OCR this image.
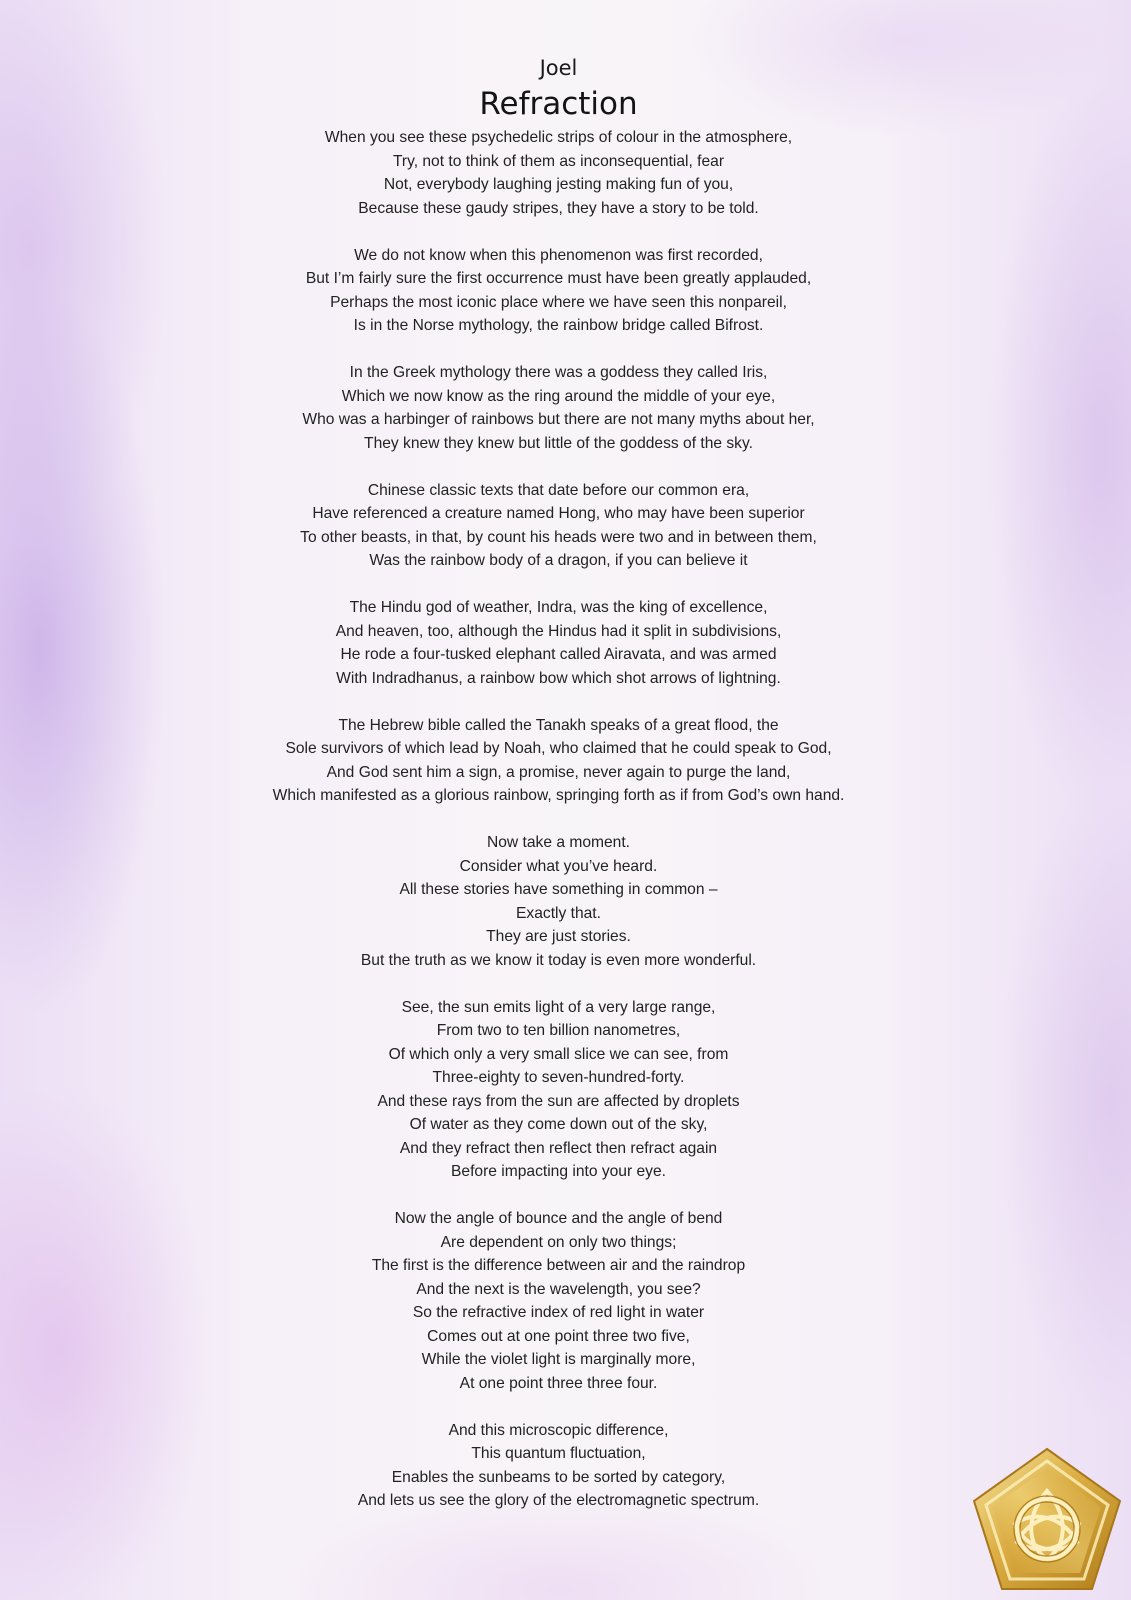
Joel
Refraction
When you see these psychedelic strips of colour in the atmosphere,
Try, not to think of them as inconsequential, fear
Not, everybody laughing jesting making fun of you,
Because these gaudy stripes, they have a story to be told.
We do not know when this phenomenon was first recorded,
But I’m fairly sure the first occurrence must have been greatly applauded,
Perhaps the most iconic place where we have seen this nonpareil,
Is in the Norse mythology, the rainbow bridge called Bifrost.
In the Greek mythology there was a goddess they called Iris,
Which we now know as the ring around the middle of your eye,
Who was a harbinger of rainbows but there are not many myths about her,
They knew they knew but little of the goddess of the sky.
Chinese classic texts that date before our common era,
Have referenced a creature named Hong, who may have been superior
To other beasts, in that, by count his heads were two and in between them,
Was the rainbow body of a dragon, if you can believe it
The Hindu god of weather, Indra, was the king of excellence,
And heaven, too, although the Hindus had it split in subdivisions,
He rode a four-tusked elephant called Airavata, and was armed
With Indradhanus, a rainbow bow which shot arrows of lightning.
The Hebrew bible called the Tanakh speaks of a great flood, the
Sole survivors of which lead by Noah, who claimed that he could speak to God,
And God sent him a sign, a promise, never again to purge the land,
Which manifested as a glorious rainbow, springing forth as if from God’s own hand.
Now take a moment.
Consider what you’ve heard.
All these stories have something in common –
Exactly that.
They are just stories.
But the truth as we know it today is even more wonderful.
See, the sun emits light of a very large range,
From two to ten billion nanometres,
Of which only a very small slice we can see, from
Three-eighty to seven-hundred-forty.
And these rays from the sun are affected by droplets
Of water as they come down out of the sky,
And they refract then reflect then refract again
Before impacting into your eye.
Now the angle of bounce and the angle of bend
Are dependent on only two things;
The first is the difference between air and the raindrop
And the next is the wavelength, you see?
So the refractive index of red light in water
Comes out at one point three two five,
While the violet light is marginally more,
At one point three three four.
And this microscopic difference,
This quantum fluctuation,
Enables the sunbeams to be sorted by category,
And lets us see the glory of the electromagnetic spectrum.
